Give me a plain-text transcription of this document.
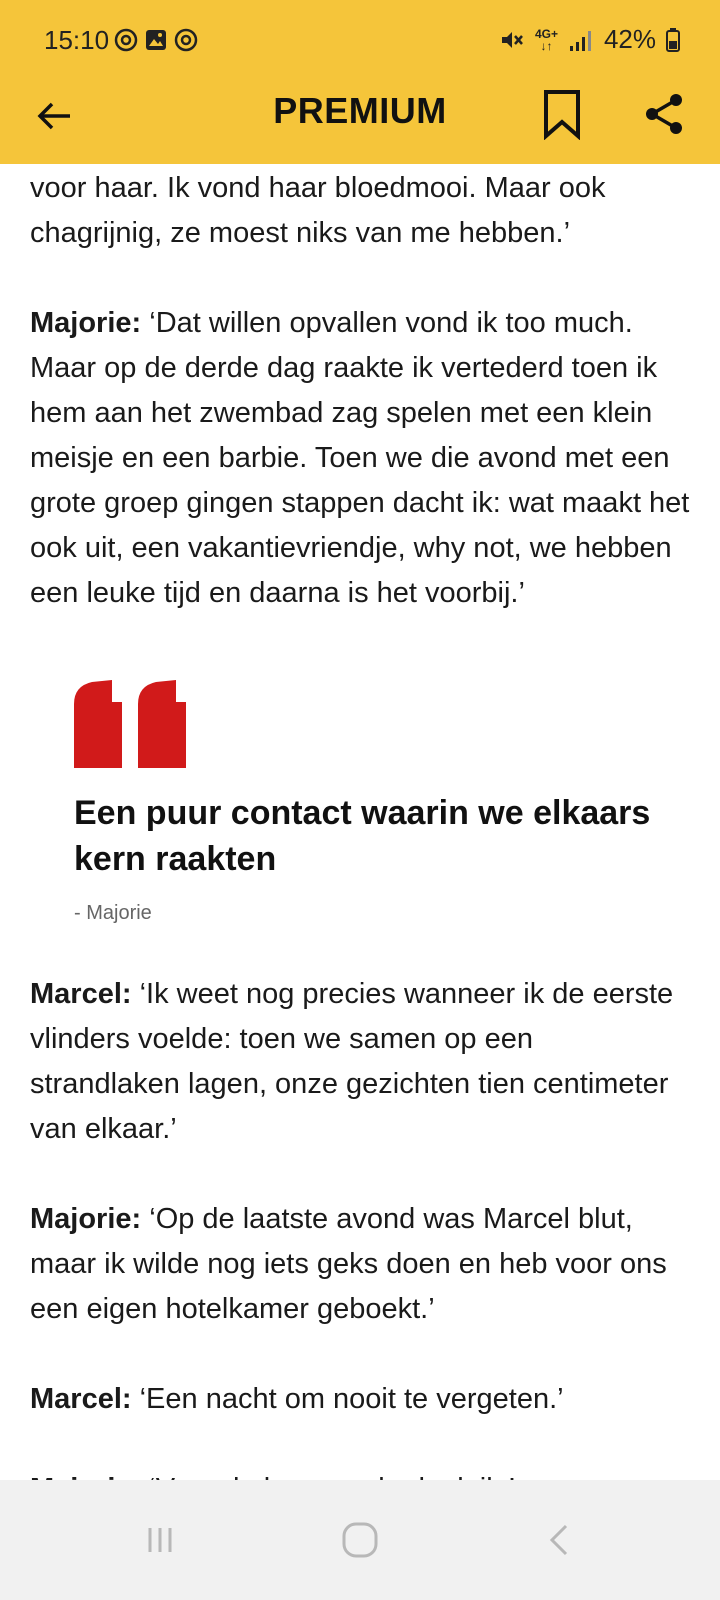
15:10	4G+
↓↑ 42%
PREMIUM

voor haar. Ik vond haar bloedmooi. Maar ook chagrijnig, ze moest niks van me hebben.’

Majorie: ‘Dat willen opvallen vond ik too much. Maar op de derde dag raakte ik vertederd toen ik hem aan het zwembad zag spelen met een klein meisje en een barbie. Toen we die avond met een grote groep gingen stappen dacht ik: wat maakt het ook uit, een vakantievriendje, why not, we hebben een leuke tijd en daarna is het voorbij.’

Een puur contact waarin we elkaars kern raakten
- Majorie

Marcel: ‘Ik weet nog precies wanneer ik de eerste vlinders voelde: toen we samen op een strandlaken lagen, onze gezichten tien centimeter van elkaar.’

Majorie: ‘Op de laatste avond was Marcel blut, maar ik wilde nog iets geks doen en heb voor ons een eigen hotelkamer geboekt.’

Marcel: ‘Een nacht om nooit te vergeten.’
